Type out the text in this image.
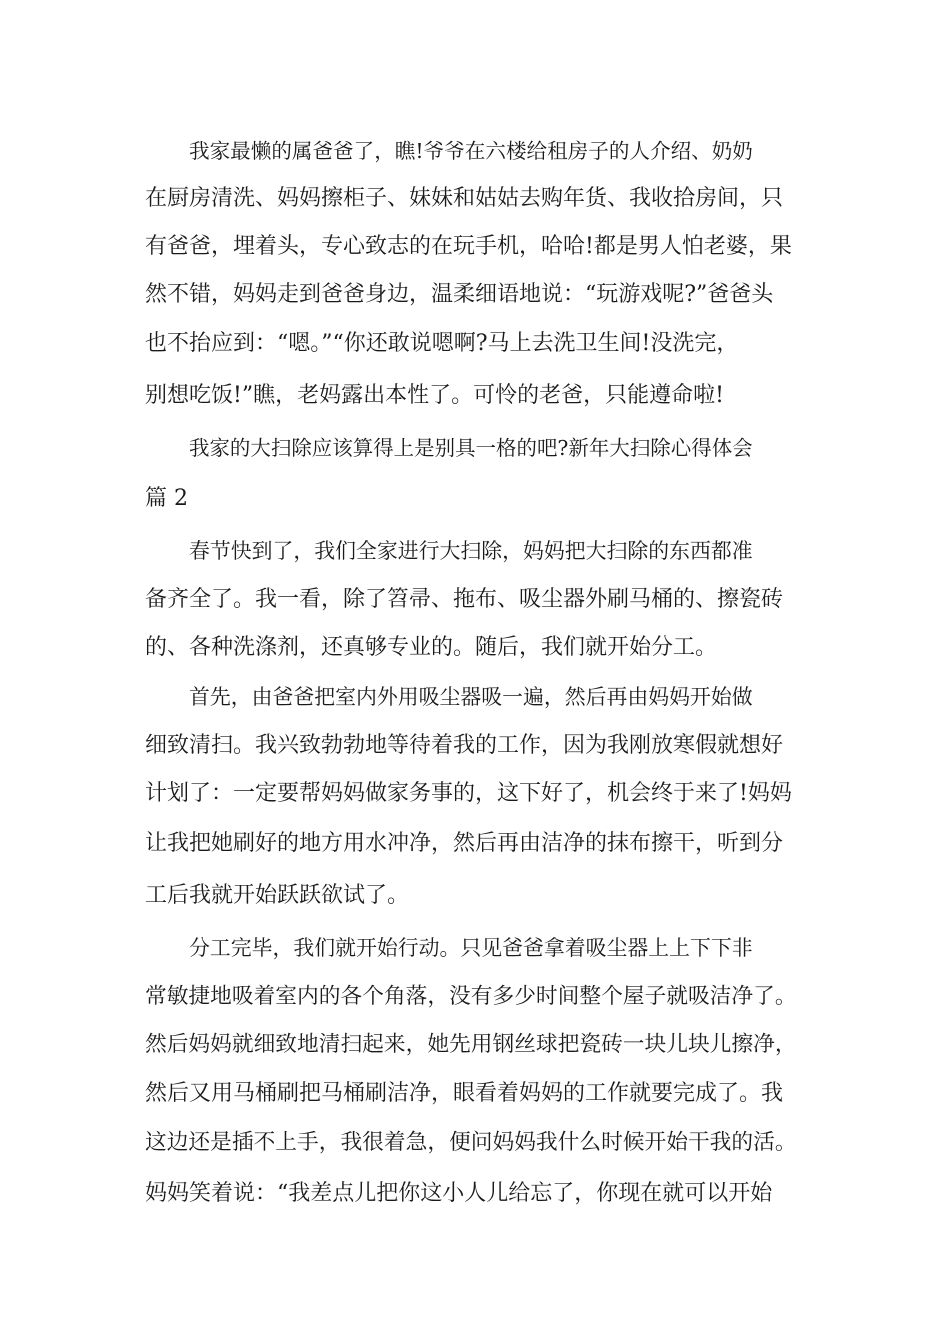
我家最懒的属爸爸了，瞧!爷爷在六楼给租房子的人介绍、奶奶
在厨房清洗、妈妈擦柜子、妹妹和姑姑去购年货、我收拾房间，只
有爸爸，埋着头，专心致志的在玩手机，哈哈!都是男人怕老婆，果
然不错，妈妈走到爸爸身边，温柔细语地说：“玩游戏呢?”爸爸头
也不抬应到：“嗯。”“你还敢说嗯啊?马上去洗卫生间!没洗完，
别想吃饭!”瞧，老妈露出本性了。可怜的老爸，只能遵命啦!
我家的大扫除应该算得上是别具一格的吧?新年大扫除心得体会
篇 2
春节快到了，我们全家进行大扫除，妈妈把大扫除的东西都准
备齐全了。我一看，除了笤帚、拖布、吸尘器外刷马桶的、擦瓷砖
的、各种洗涤剂，还真够专业的。随后，我们就开始分工。
首先，由爸爸把室内外用吸尘器吸一遍，然后再由妈妈开始做
细致清扫。我兴致勃勃地等待着我的工作，因为我刚放寒假就想好
计划了：一定要帮妈妈做家务事的，这下好了，机会终于来了!妈妈
让我把她刷好的地方用水冲净，然后再由洁净的抹布擦干，听到分
工后我就开始跃跃欲试了。
分工完毕，我们就开始行动。只见爸爸拿着吸尘器上上下下非
常敏捷地吸着室内的各个角落，没有多少时间整个屋子就吸洁净了。
然后妈妈就细致地清扫起来，她先用钢丝球把瓷砖一块儿块儿擦净，
然后又用马桶刷把马桶刷洁净，眼看着妈妈的工作就要完成了。我
这边还是插不上手，我很着急，便问妈妈我什么时候开始干我的活。
妈妈笑着说：“我差点儿把你这小人儿给忘了，你现在就可以开始
